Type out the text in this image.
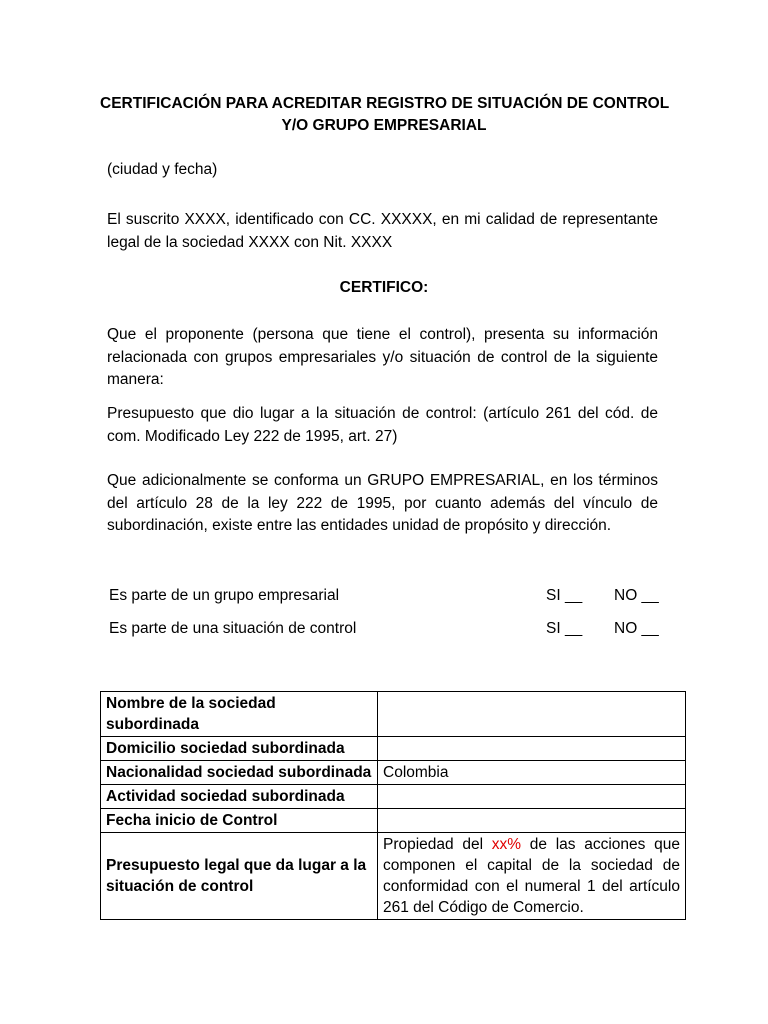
CERTIFICACIÓN PARA ACREDITAR REGISTRO DE SITUACIÓN DE CONTROL
Y/O GRUPO EMPRESARIAL
(ciudad y fecha)
El suscrito XXXX, identificado con CC. XXXXX, en mi calidad de representante legal de la sociedad XXXX con Nit. XXXX
CERTIFICO:
Que el proponente (persona que tiene el control), presenta su información relacionada con grupos empresariales y/o situación de control de la siguiente manera:
Presupuesto que dio lugar a la situación de control: (artículo 261 del cód. de com. Modificado Ley 222 de 1995, art. 27)
Que adicionalmente se conforma un GRUPO EMPRESARIAL, en los términos del artículo 28 de la ley 222 de 1995, por cuanto además del vínculo de subordinación, existe entre las entidades unidad de propósito y dirección.
Es parte de un grupo empresarial	SI __ NO __
Es parte de una situación de control	SI __ NO __
Nombre de la sociedad subordinada	
Domicilio sociedad subordinada	
Nacionalidad sociedad subordinada	Colombia
Actividad sociedad subordinada	
Fecha inicio de Control	
Presupuesto legal que da lugar a la situación de control	Propiedad del xx% de las acciones que componen el capital de la sociedad de conformidad con el numeral 1 del artículo 261 del Código de Comercio.
